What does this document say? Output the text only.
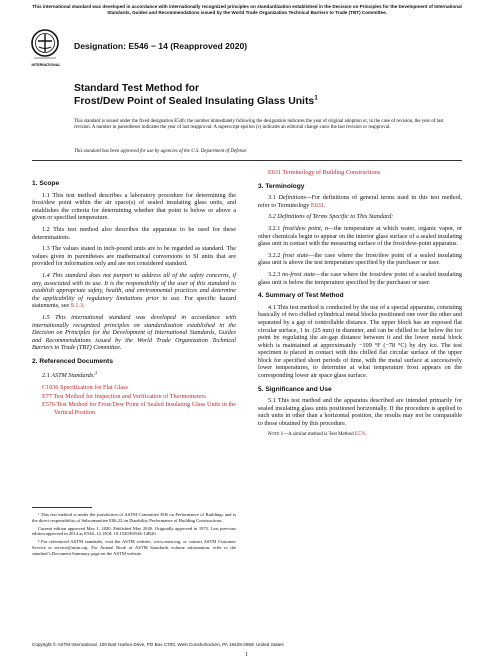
This international standard was developed in accordance with internationally recognized principles on standardization established in the Decision on Principles for the Development of International Standards, Guides and Recommendations issued by the World Trade Organization Technical Barriers to Trade (TBT) Committee.
INTERNATIONAL
Designation: E546 − 14 (Reapproved 2020)
Standard Test Method for
Frost/Dew Point of Sealed Insulating Glass Units$^1$
This standard is issued under the fixed designation E546; the number immediately following the designation indicates the year of original adoption or, in the case of revision, the year of last revision. A number in parentheses indicates the year of last reapproval. A superscript epsilon (ε) indicates an editorial change since the last revision or reapproval.
This standard has been approved for use by agencies of the U.S. Department of Defense.
1. Scope

1.1 This test method describes a laboratory procedure for determining the frost/dew point within the air space(s) of sealed insulating glass units, and establishes the criteria for determining whether that point is below or above a given or specified temperature.

1.2 This test method also describes the apparatus to be used for these determinations.

1.3 The values stated in inch-pound units are to be regarded as standard. The values given in parentheses are mathematical conversions to SI units that are provided for information only and are not considered standard.

1.4 This standard does not purport to address all of the safety concerns, if any, associated with its use. It is the responsibility of the user of this standard to establish appropriate safety, health, and environmental practices and determine the applicability of regulatory limitations prior to use. For specific hazard statements, see 9.1.3.

1.5 This international standard was developed in accordance with internationally recognized principles on standardization established in the Decision on Principles for the Development of International Standards, Guides and Recommendations issued by the World Trade Organization Technical Barriers to Trade (TBT) Committee.

2. Referenced Documents

2.1 ASTM Standards:$^2$

C1036 Specification for Flat Glass
E77 Test Method for Inspection and Verification of Thermometers
E576 Test Method for Frost/Dew Point of Sealed Insulating Glass Units in the Vertical Position

¹ This test method is under the jurisdiction of ASTM Committee E06 on Performance of Buildings and is the direct responsibility of Subcommittee E06.22 on Durability Performance of Building Constructions.

Current edition approved May 1, 2020. Published May 2020. Originally approved in 1975. Last previous edition approved in 2014 as E546–14. DOI: 10.1520/E0546-14R20.

² For referenced ASTM standards, visit the ASTM website, www.astm.org, or contact ASTM Customer Service at service@astm.org. For Annual Book of ASTM Standards volume information, refer to the standard’s Document Summary page on the ASTM website.

E631 Terminology of Building Constructions
3. Terminology

3.1 Definitions—For definitions of general terms used in this test method, refer to Terminology E631.

3.2 Definitions of Terms Specific to This Standard:

3.2.1 frost/dew point, n—the temperature at which water, organic vapor, or other chemicals begin to appear on the interior glass surface of a sealed insulating glass unit in contact with the measuring surface of the frost/dew-point apparatus.

3.2.2 frost state—the case where the frost/dew point of a sealed insulating glass unit is above the test temperature specified by the purchaser or user.

3.2.3 no-frost state—the case where the frost/dew point of a sealed insulating glass unit is below the temperature specified by the purchaser or user.

4. Summary of Test Method

4.1 This test method is conducted by the use of a special apparatus, consisting basically of two chilled cylindrical metal blocks positioned one over the other and separated by a gap of controllable distance. The upper block has an exposed flat circular surface, 1 in. (25 mm) in diameter, and can be chilled to far below the ice point by regulating the air-gap distance between it and the lower metal block which is maintained at approximately −109 °F (−78 °C) by dry ice. The test specimen is placed in contact with this chilled flat circular surface of the upper block for specified short periods of time, with the metal surface at successively lower temperatures, to determine at what temperature frost appears on the corresponding lower air space glass surface.

5. Significance and Use

5.1 This test method and the apparatus described are intended primarily for sealed insulating glass units positioned horizontally. If the procedure is applied to such units in other than a horizontal position, the results may not be comparable to those obtained by this procedure.

Note 1—A similar method is Test Method E576.

Copyright © ASTM International, 100 Barr Harbor Drive, PO Box C700, West Conshohocken, PA 19428-2959. United States
1
